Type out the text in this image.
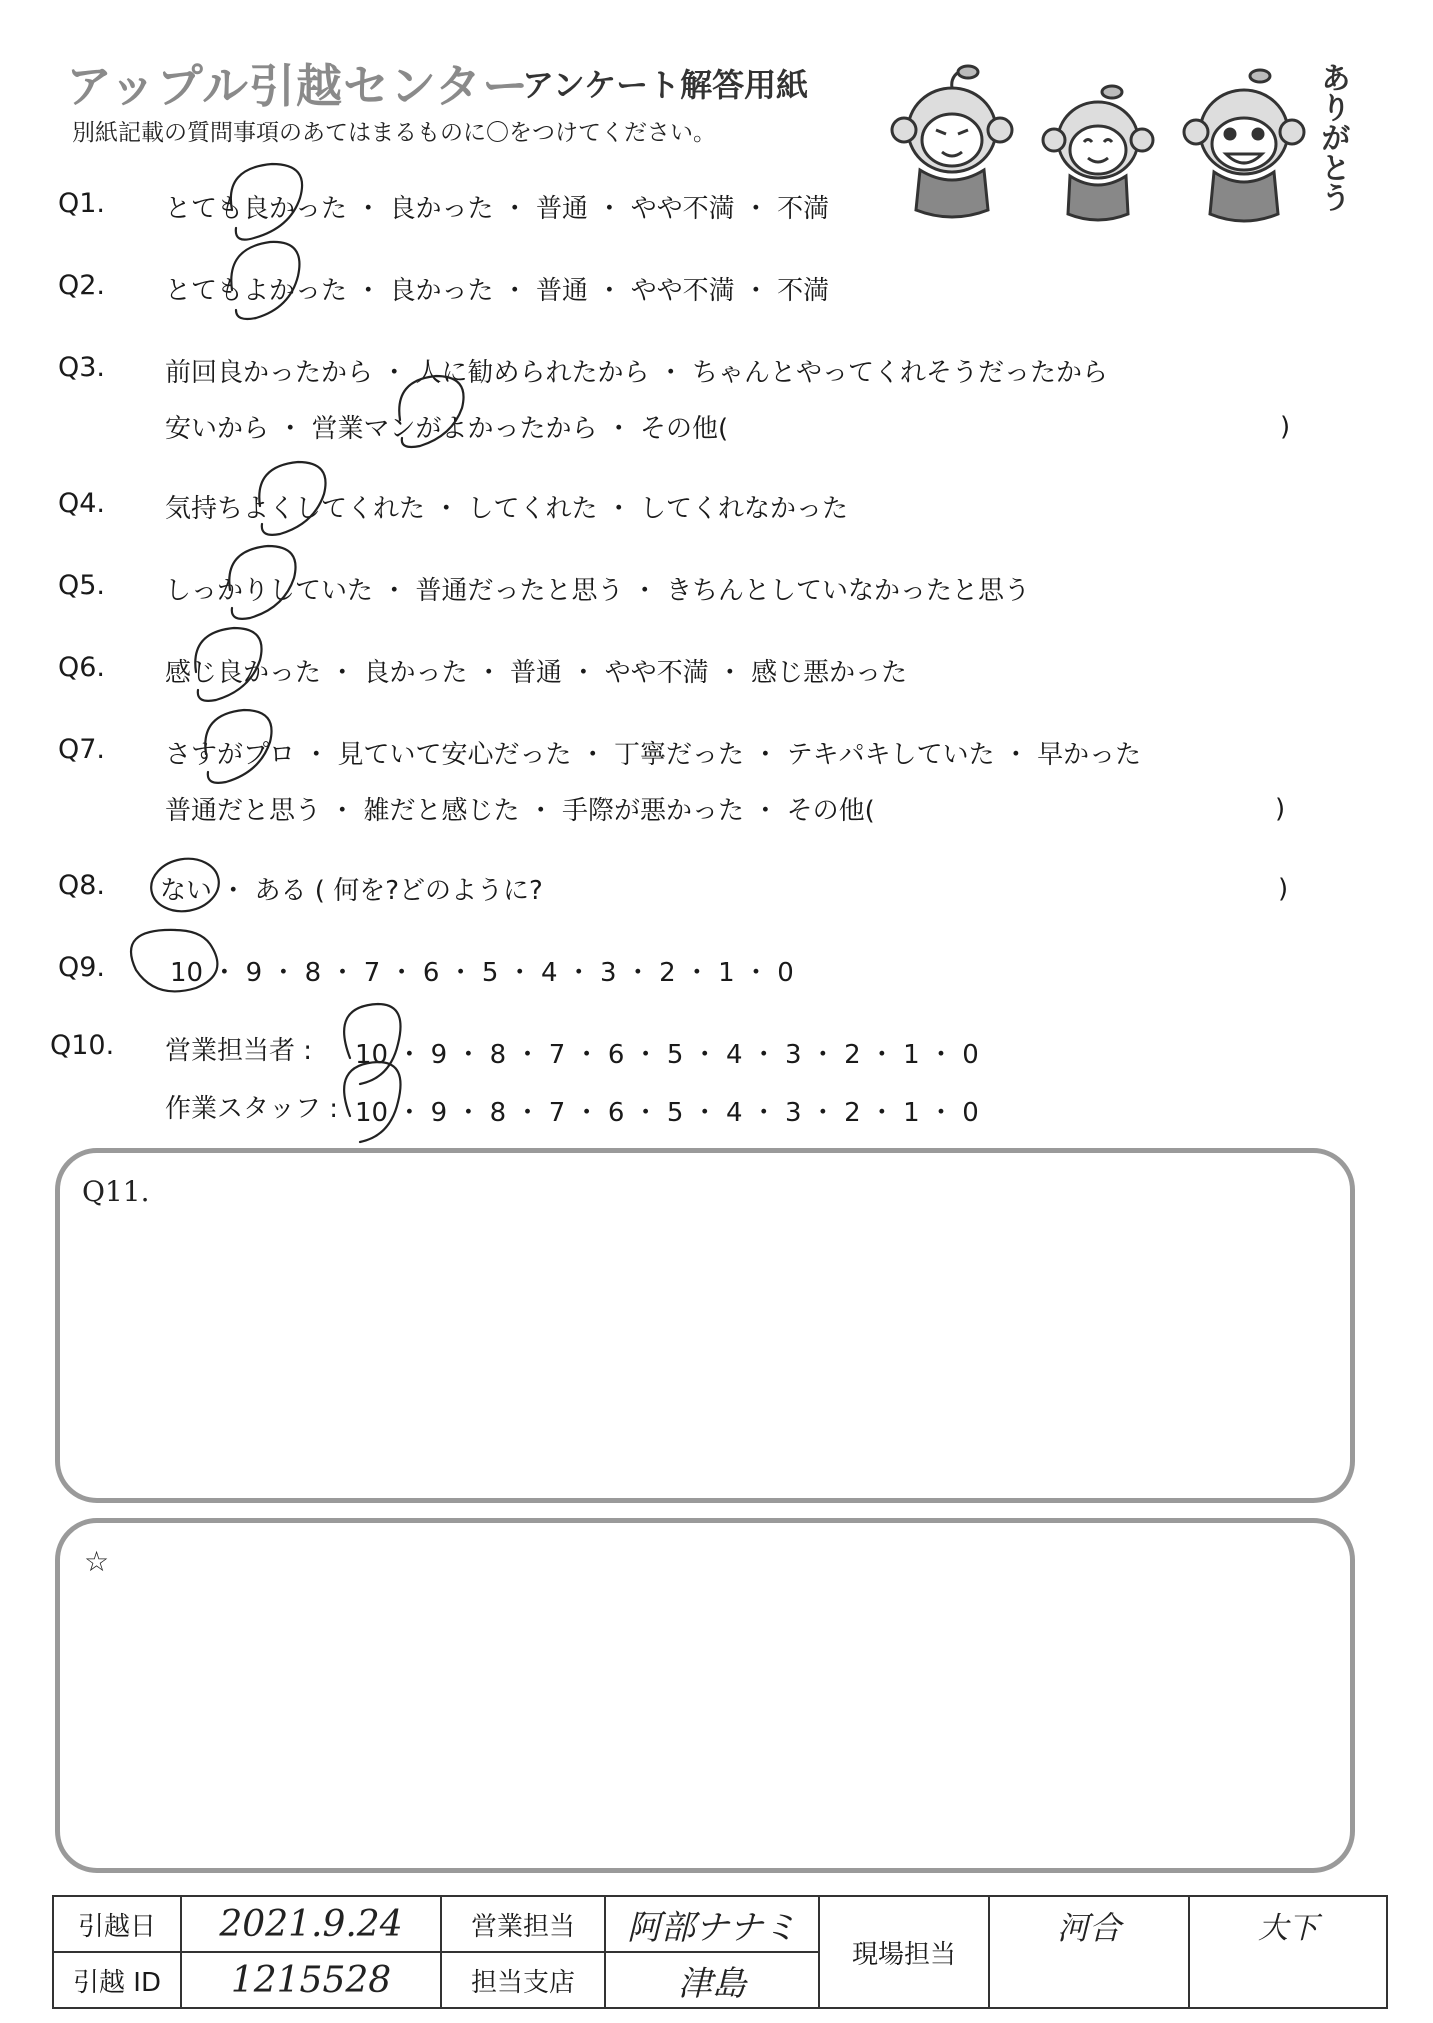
アップル引越センター
アンケート解答用紙
別紙記載の質問事項のあてはまるものに〇をつけてください。	ありがとう
Q1. とても良かった ・ 良かった ・ 普通 ・ やや不満 ・ 不満
Q2. とてもよかった ・ 良かった ・ 普通 ・ やや不満 ・ 不満
Q3. 前回良かったから ・ 人に勧められたから ・ ちゃんとやってくれそうだったから
安いから ・ 営業マンがよかったから ・ その他(	)
Q4. 気持ちよくしてくれた ・ してくれた ・ してくれなかった
Q5. しっかりしていた ・ 普通だったと思う ・ きちんとしていなかったと思う
Q6. 感じ良かった ・ 良かった ・ 普通 ・ やや不満 ・ 感じ悪かった
Q7. さすがプロ ・ 見ていて安心だった ・ 丁寧だった ・ テキパキしていた ・ 早かった
普通だと思う ・ 雑だと感じた ・ 手際が悪かった ・ その他(	)
Q8. ない ・ ある ( 何を?どのように?	)
Q9. 10 ・ 9 ・ 8 ・ 7 ・ 6 ・ 5 ・ 4 ・ 3 ・ 2 ・ 1 ・ 0
Q10. 営業担当者 : 10 ・ 9 ・ 8 ・ 7 ・ 6 ・ 5 ・ 4 ・ 3 ・ 2 ・ 1 ・ 0
作業スタッフ : 10 ・ 9 ・ 8 ・ 7 ・ 6 ・ 5 ・ 4 ・ 3 ・ 2 ・ 1 ・ 0
Q11.
☆
引越日	2021.9.24	営業担当	阿部ナナミ	現場担当	河合	大下
引越 ID	1215528	担当支店	津島			
